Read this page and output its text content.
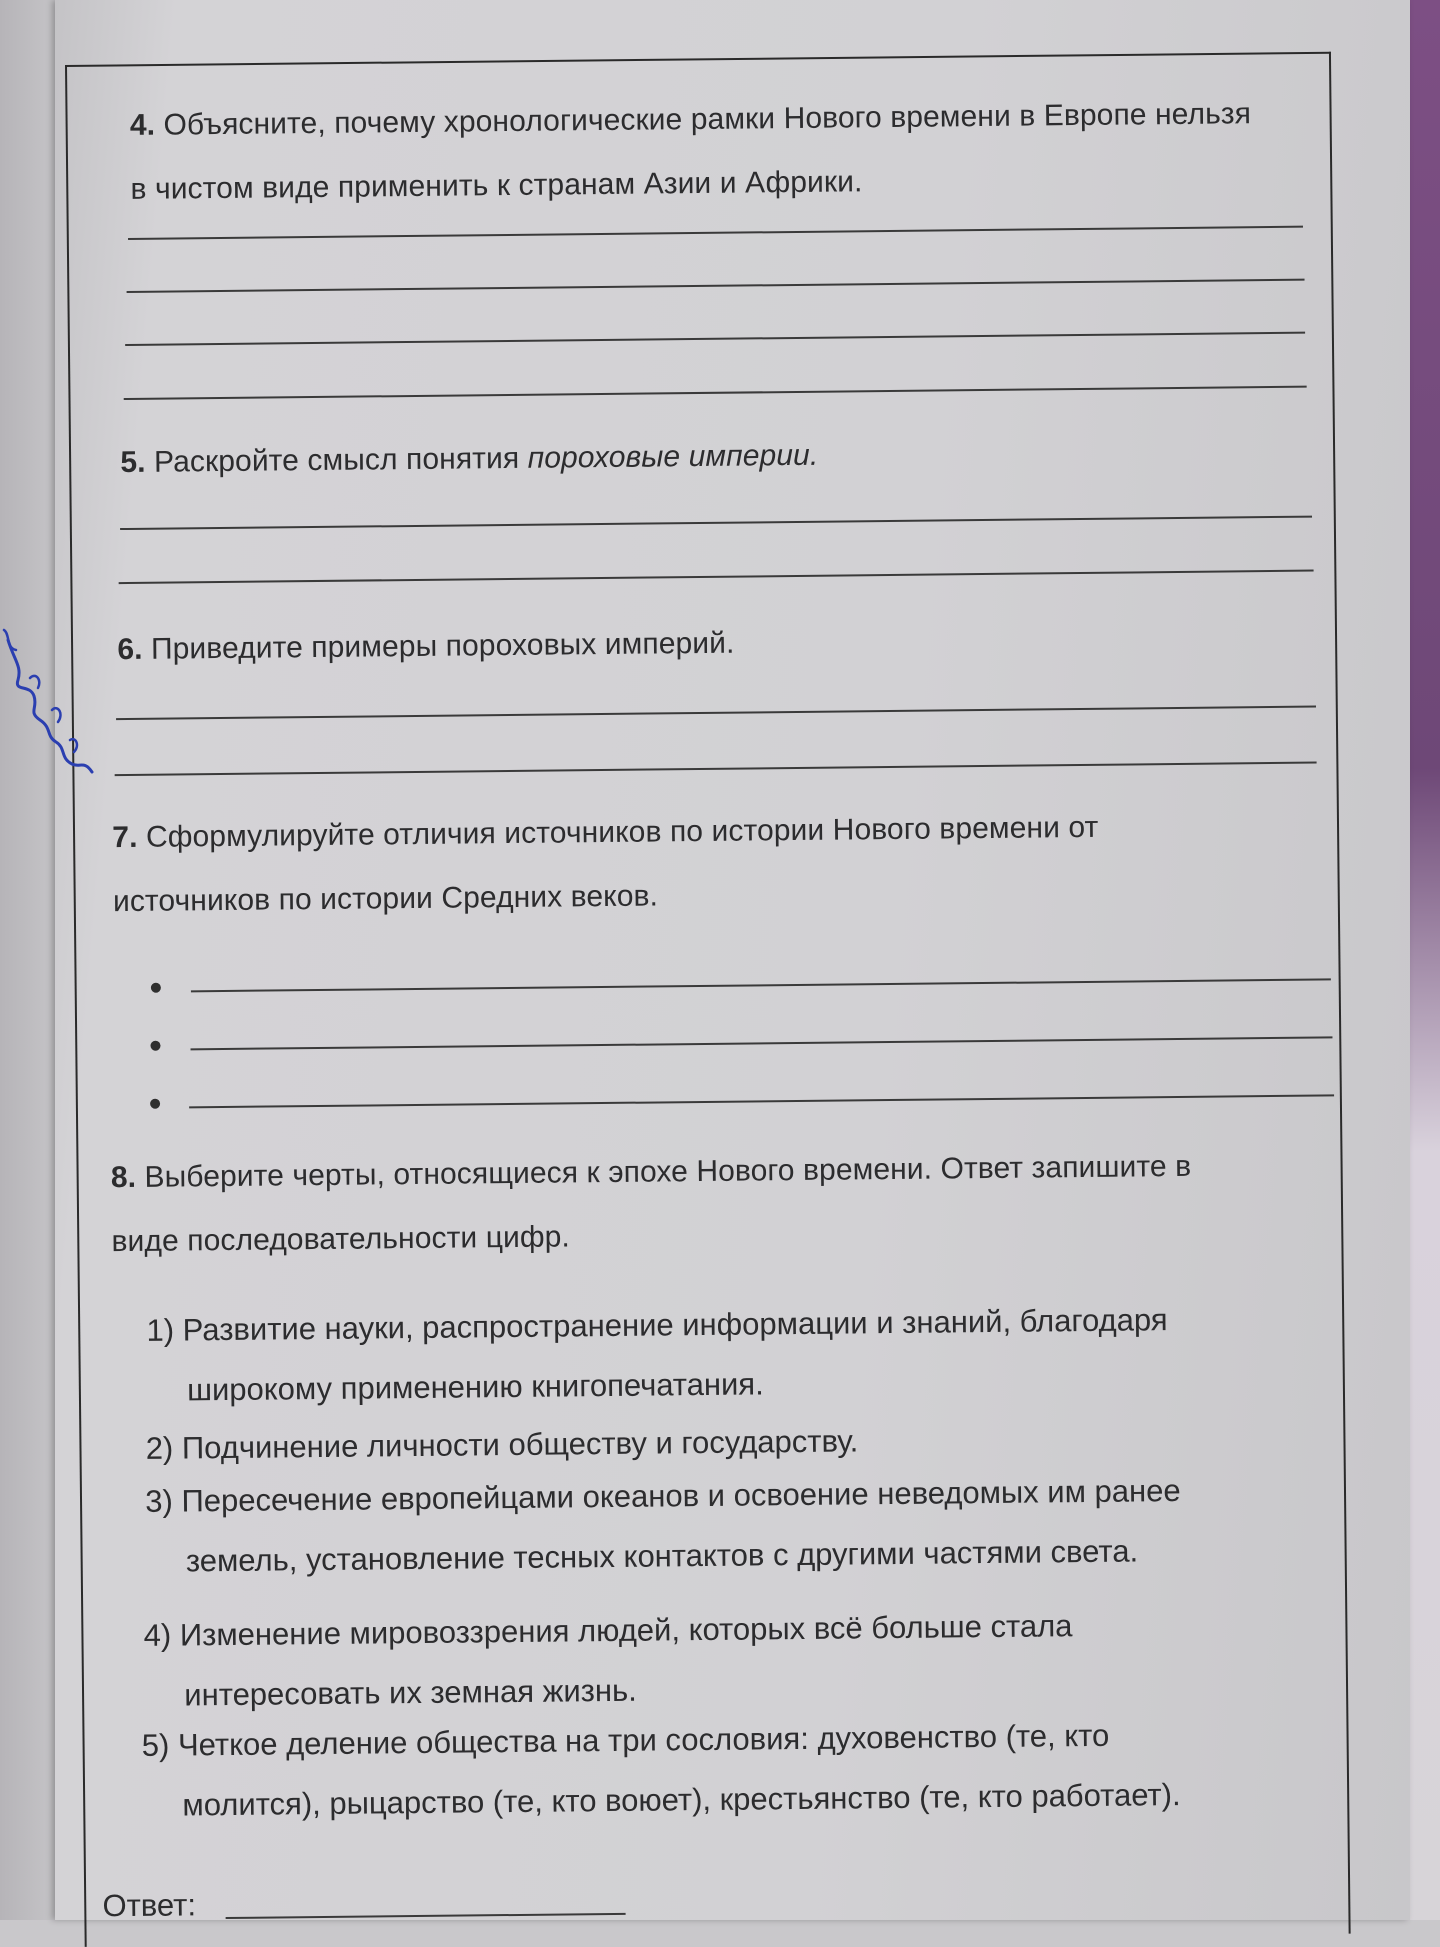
4. Объясните, почему хронологические рамки Нового времени в Европе нельзя
в чистом виде применить к странам Азии и Африки.
5. Раскройте смысл понятия пороховые империи.
6. Приведите примеры пороховых империй.
7. Сформулируйте отличия источников по истории Нового времени от
источников по истории Средних веков.
8. Выберите черты, относящиеся к эпохе Нового времени. Ответ запишите в
виде последовательности цифр.
1) Развитие науки, распространение информации и знаний, благодаря
широкому применению книгопечатания.
2) Подчинение личности обществу и государству.
3) Пересечение европейцами океанов и освоение неведомых им ранее
земель, установление тесных контактов с другими частями света.
4) Изменение мировоззрения людей, которых всё больше стала
интересовать их земная жизнь.
5) Четкое деление общества на три сословия: духовенство (те, кто
молится), рыцарство (те, кто воюет), крестьянство (те, кто работает).
Ответ:
